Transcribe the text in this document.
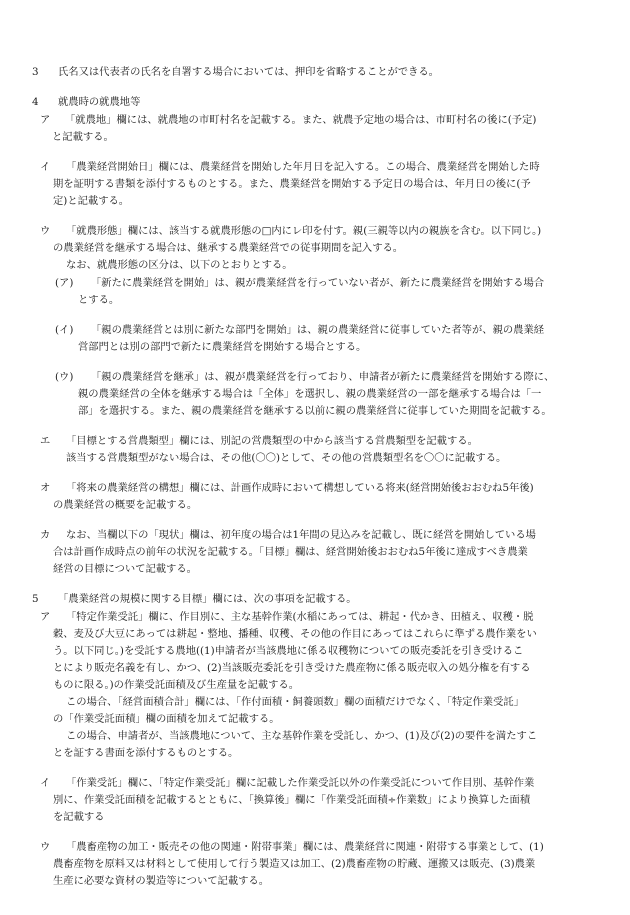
3 氏名又は代表者の氏名を自署する場合においては、押印を省略することができる。
4 就農時の就農地等
ア 「就農地」欄には、就農地の市町村名を記載する。また、就農予定地の場合は、市町村名の後に(予定)
と記載する。
イ 「農業経営開始日」欄には、農業経営を開始した年月日を記入する。この場合、農業経営を開始した時
期を証明する書類を添付するものとする。また、農業経営を開始する予定日の場合は、年月日の後に(予
定)と記載する。
ウ 「就農形態」欄には、該当する就農形態の□内にレ印を付す。親(三親等以内の親族を含む。以下同じ。)
の農業経営を継承する場合は、継承する農業経営での従事期間を記入する。
なお、就農形態の区分は、以下のとおりとする。
(ア) 「新たに農業経営を開始」は、親が農業経営を行っていない者が、新たに農業経営を開始する場合
とする。
(イ) 「親の農業経営とは別に新たな部門を開始」は、親の農業経営に従事していた者等が、親の農業経
営部門とは別の部門で新たに農業経営を開始する場合とする。
(ウ) 「親の農業経営を継承」は、親が農業経営を行っており、申請者が新たに農業経営を開始する際に、
親の農業経営の全体を継承する場合は「全体」を選択し、親の農業経営の一部を継承する場合は「一
部」を選択する。また、親の農業経営を継承する以前に親の農業経営に従事していた期間を記載する。
エ 「目標とする営農類型」欄には、別記の営農類型の中から該当する営農類型を記載する。
該当する営農類型がない場合は、その他(〇〇)として、その他の営農類型名を〇〇に記載する。
オ 「将来の農業経営の構想」欄には、計画作成時において構想している将来(経営開始後おおむね5年後)
の農業経営の概要を記載する。
カ なお、当欄以下の「現状」欄は、初年度の場合は1年間の見込みを記載し、既に経営を開始している場
合は計画作成時点の前年の状況を記載する。「目標」欄は、経営開始後おおむね5年後に達成すべき農業
経営の目標について記載する。
5 「農業経営の規模に関する目標」欄には、次の事項を記載する。
ア 「特定作業受託」欄に、作目別に、主な基幹作業(水稲にあっては、耕起・代かき、田植え、収穫・脱
穀、麦及び大豆にあっては耕起・整地、播種、収穫、その他の作目にあってはこれらに準ずる農作業をい
う。以下同じ。)を受託する農地((1)申請者が当該農地に係る収穫物についての販売委託を引き受けるこ
とにより販売名義を有し、かつ、(2)当該販売委託を引き受けた農産物に係る販売収入の処分権を有する
ものに限る。)の作業受託面積及び生産量を記載する。
この場合、「経営面積合計」欄には、「作付面積・飼養頭数」欄の面積だけでなく、「特定作業受託」
の「作業受託面積」欄の面積を加えて記載する。
この場合、申請者が、当該農地について、主な基幹作業を受託し、かつ、(1)及び(2)の要件を満たすこ
とを証する書面を添付するものとする。
イ 「作業受託」欄に、「特定作業受託」欄に記載した作業受託以外の作業受託について作目別、基幹作業
別に、作業受託面積を記載するとともに、「換算後」欄に「作業受託面積÷作業数」により換算した面積
を記載する
ウ 「農畜産物の加工・販売その他の関連・附帯事業」欄には、農業経営に関連・附帯する事業として、(1)
農畜産物を原料又は材料として使用して行う製造又は加工、(2)農畜産物の貯蔵、運搬又は販売、(3)農業
生産に必要な資材の製造等について記載する。
